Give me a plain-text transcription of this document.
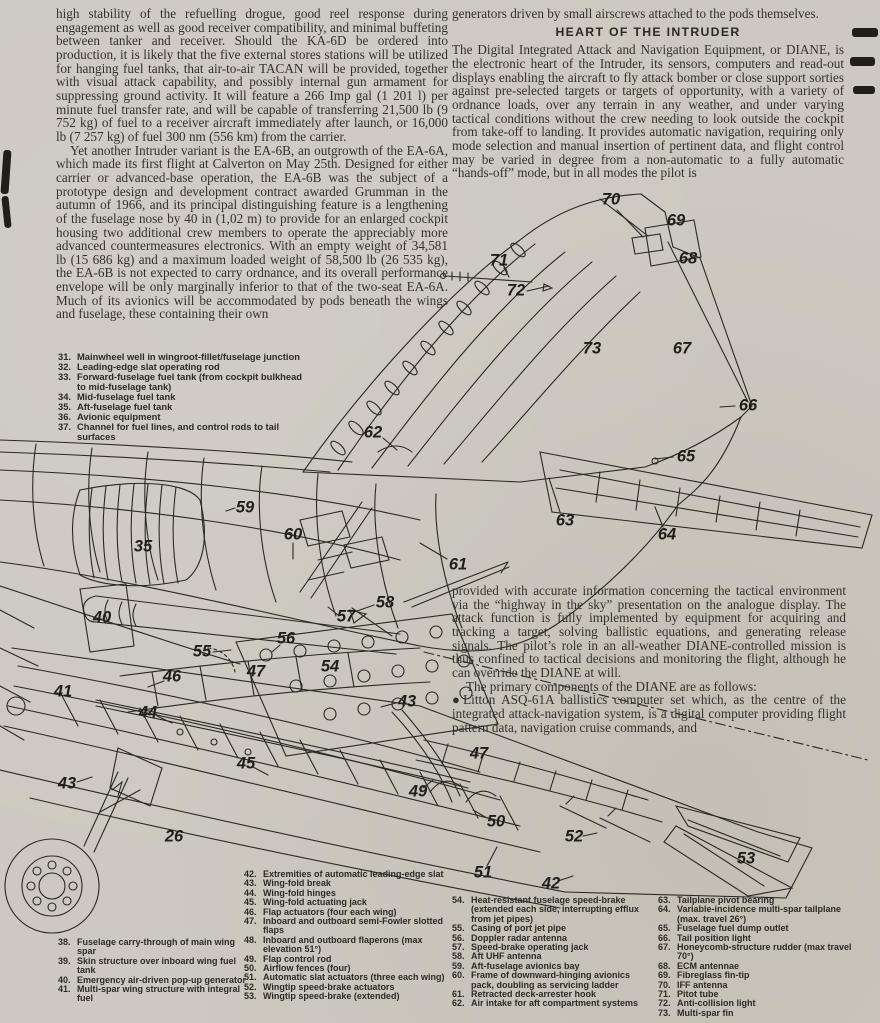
high stability of the refuelling drogue, good reel response during engagement as well as good receiver compatibility, and minimal buffeting between tanker and receiver. Should the KA-6D be ordered into production, it is likely that the five external stores stations will be utilized for hanging fuel tanks, that air-to-air TACAN will be provided, together with visual attack capability, and possibly internal gun armament for suppressing ground activity. It will feature a 266 Imp gal (1 201 l) per minute fuel transfer rate, and will be capable of transferring 21,500 lb (9 752 kg) of fuel to a receiver aircraft immediately after launch, or 16,000 lb (7 257 kg) of fuel 300 nm (556 km) from the carrier.

Yet another Intruder variant is the EA-6B, an outgrowth of the EA-6A, which made its first flight at Calverton on May 25th. Designed for either carrier or advanced-base operation, the EA-6B was the subject of a prototype design and development contract awarded Grumman in the autumn of 1966, and its principal distinguishing feature is a lengthening of the fuselage nose by 40 in (1,02 m) to provide for an enlarged cockpit housing two additional crew members to operate the appreciably more advanced countermeasures electronics. With an empty weight of 34,581 lb (15 686 kg) and a maximum loaded weight of 58,500 lb (26 535 kg), the EA-6B is not expected to carry ordnance, and its overall performance envelope will be only marginally inferior to that of the two-seat EA-6A. Much of its avionics will be accommodated by pods beneath the wings and fuselage, these containing their own

generators driven by small airscrews attached to the pods themselves.

HEART OF THE INTRUDER

The Digital Integrated Attack and Navigation Equipment, or DIANE, is the electronic heart of the Intruder, its sensors, computers and read-out displays enabling the aircraft to fly attack bomber or close support sorties against pre-selected targets or targets of opportunity, with a variety of ordnance loads, over any terrain in any weather, and under varying tactical conditions without the crew needing to look outside the cockpit from take-off to landing. It provides automatic navigation, requiring only mode selection and manual insertion of pertinent data, and flight control may be varied in degree from a non-automatic to a fully automatic “hands-off” mode, but in all modes the pilot is

provided with accurate information concerning the tactical environment via the “highway in the sky” presentation on the analogue display. The attack function is fully implemented by equipment for acquiring and tracking a target, solving ballistic equations, and generating release signals. The pilot’s role in an all-weather DIANE-controlled mission is thus confined to tactical decisions and monitoring the flight, although he can override the DIANE at will.

The primary components of the DIANE are as follows:

●Litton ASQ-61A ballistics computer set which, as the centre of the integrated attack-navigation system, is a digital computer providing flight pattern data, navigation cruise commands, and

31. Mainwheel well in wingroot-fillet/fuselage junction
32. Leading-edge slat operating rod
33. Forward-fuselage fuel tank (from cockpit bulkhead to mid-fuselage tank)
34. Mid-fuselage fuel tank
35. Aft-fuselage fuel tank
36. Avionic equipment
37. Channel for fuel lines, and control rods to tail surfaces
38. Fuselage carry-through of main wing spar
39. Skin structure over inboard wing fuel tank
40. Emergency air-driven pop-up generator
41. Multi-spar wing structure with integral fuel
42. Extremities of automatic leading-edge slat
43. Wing-fold break
44. Wing-fold hinges
45. Wing-fold actuating jack
46. Flap actuators (four each wing)
47. Inboard and outboard semi-Fowler slotted flaps
48. Inboard and outboard flaperons (max elevation 51°)
49. Flap control rod
50. Airflow fences (four)
51. Automatic slat actuators (three each wing)
52. Wingtip speed-brake actuators
53. Wingtip speed-brake (extended)
54. Heat-resistant fuselage speed-brake (extended each side, interrupting efflux from jet pipes)
55. Casing of port jet pipe
56. Doppler radar antenna
57. Speed-brake operating jack
58. Aft UHF antenna
59. Aft-fuselage avionics bay
60. Frame of downward-hinging avionics pack, doubling as servicing ladder
61. Retracted deck-arrester hook
62. Air intake for aft compartment systems
63. Tailplane pivot bearing
64. Variable-incidence multi-spar tailplane (max. travel 26°)
65. Fuselage fuel dump outlet
66. Tail position light
67. Honeycomb-structure rudder (max travel 70°)
68. ECM antennae
69. Fibreglass fin-tip
70. IFF antenna
71. Pitot tube
72. Anti-collision light
73. Multi-spar fin
70
69
71	68
72
73	67
66
62
65
59
63
60	64
35
61
58
57
40
56
55
54
47
46
41
43
44
47
45
43	49
50
26	52
53
51
42
